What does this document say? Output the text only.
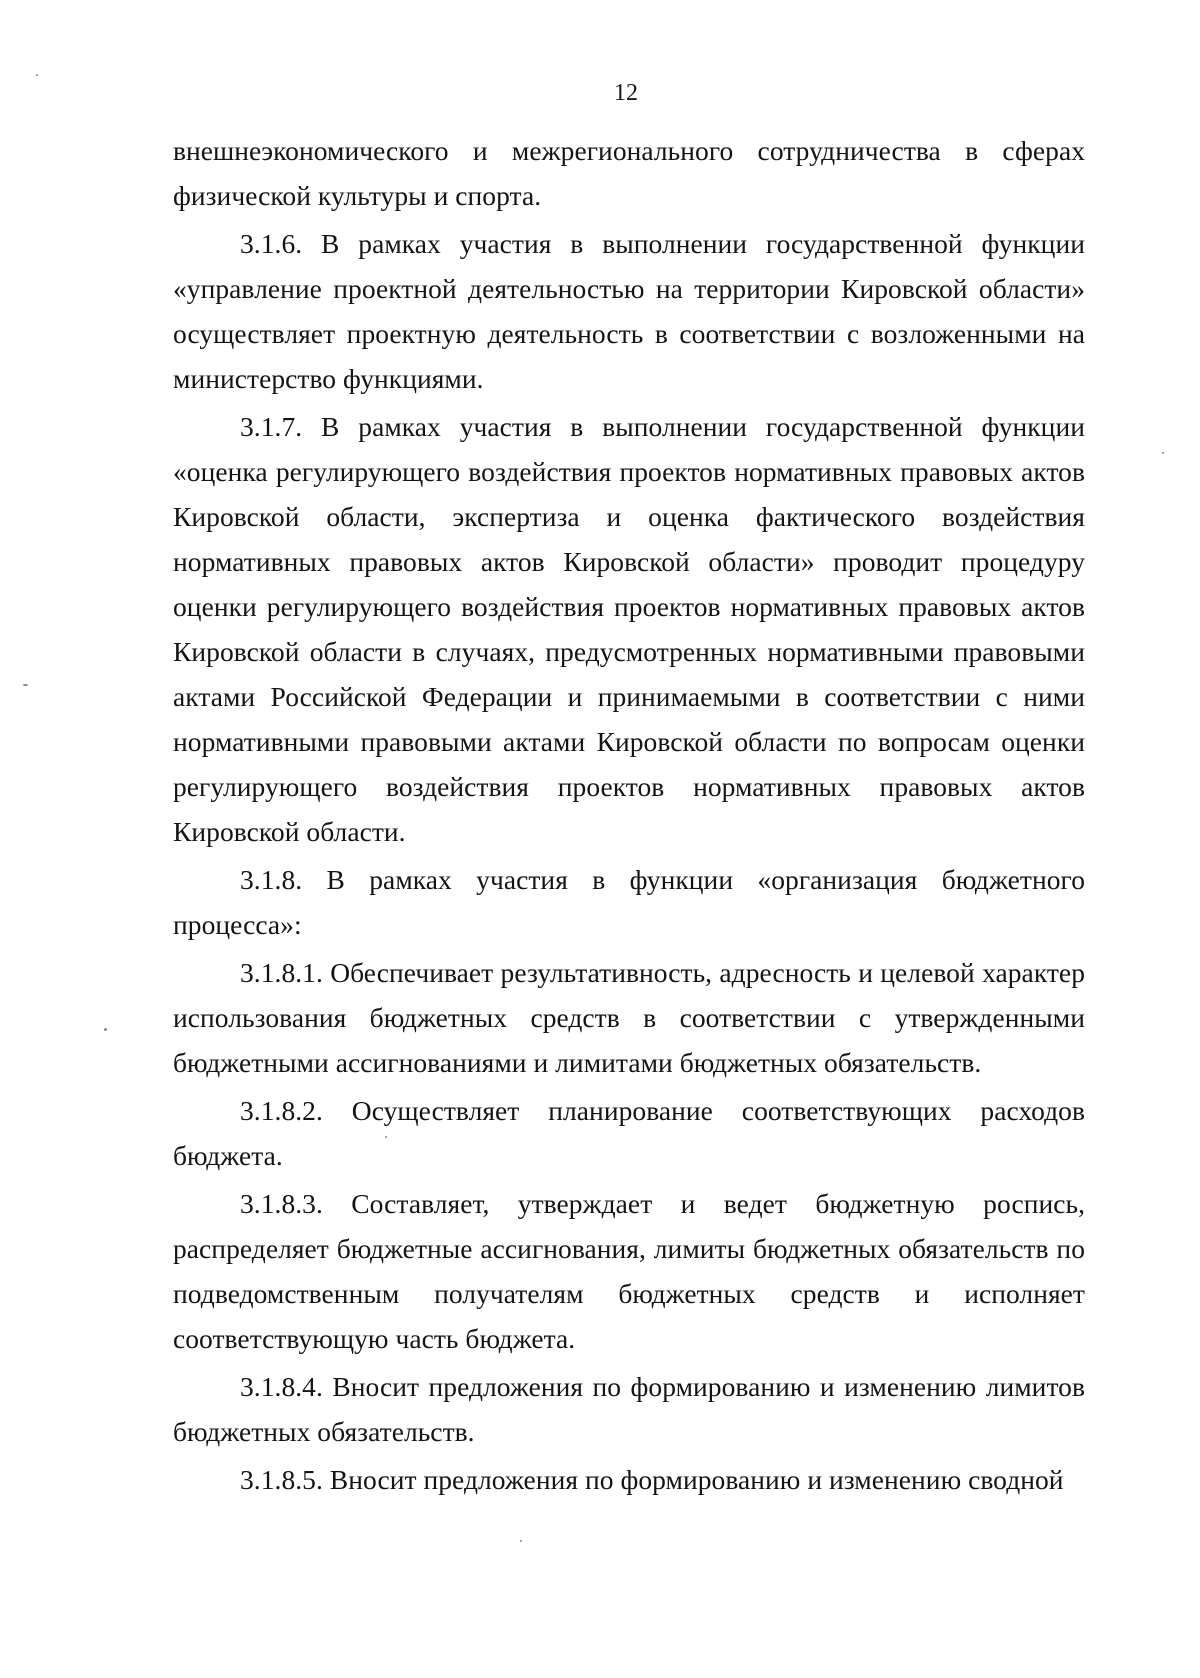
12

внешнеэкономического и межрегионального сотрудничества в сферах физической культуры и спорта.

3.1.6. В рамках участия в выполнении государственной функции «управление проектной деятельностью на территории Кировской области» осуществляет проектную деятельность в соответствии с возложенными на министерство функциями.

3.1.7. В рамках участия в выполнении государственной функции «оценка регулирующего воздействия проектов нормативных правовых актов Кировской области, экспертиза и оценка фактического воздействия нормативных правовых актов Кировской области» проводит процедуру оценки регулирующего воздействия проектов нормативных правовых актов Кировской области в случаях, предусмотренных нормативными правовыми актами Российской Федерации и принимаемыми в соответствии с ними нормативными правовыми актами Кировской области по вопросам оценки регулирующего воздействия проектов нормативных правовых актов Кировской области.

3.1.8. В рамках участия в функции «организация бюджетного процесса»:

3.1.8.1. Обеспечивает результативность, адресность и целевой характер использования бюджетных средств в соответствии с утвержденными бюджетными ассигнованиями и лимитами бюджетных обязательств.

3.1.8.2. Осуществляет планирование соответствующих расходов бюджета.

3.1.8.3. Составляет, утверждает и ведет бюджетную роспись, распределяет бюджетные ассигнования, лимиты бюджетных обязательств по подведомственным получателям бюджетных средств и исполняет соответствующую часть бюджета.

3.1.8.4. Вносит предложения по формированию и изменению лимитов бюджетных обязательств.

3.1.8.5. Вносит предложения по формированию и изменению сводной
